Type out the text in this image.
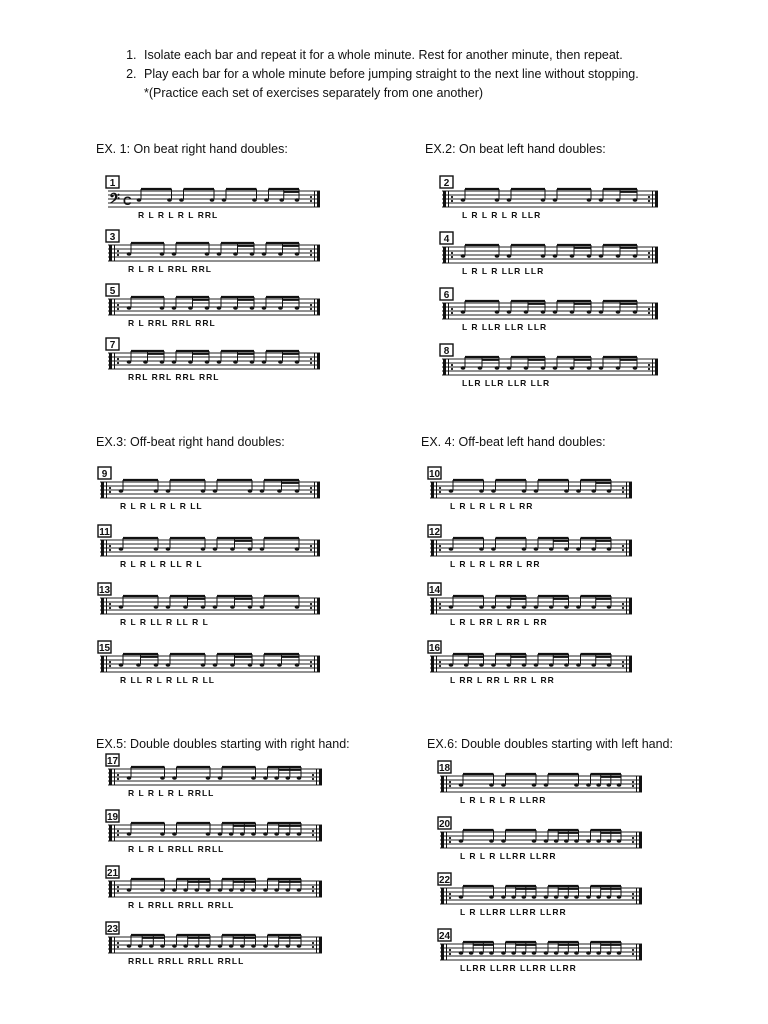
1. Isolate each bar and repeat it for a whole minute. Rest for another minute, then repeat.
2. Play each bar for a whole minute before jumping straight to the next line without stopping.
*(Practice each set of exercises separately from one another)
EX. 1: On beat right hand doubles:	EX.2: On beat left hand doubles:
EX.3: Off-beat right hand doubles:	EX. 4: Off-beat left hand doubles:
EX.5: Double doubles starting with right hand:	EX.6: Double doubles starting with left hand:
1
𝄢 C
R L R L R L RRL
3
R L R L RRL RRL
5
R L RRL RRL RRL
7
RRL RRL RRL RRL
2
L R L R L R LLR
4
L R L R LLR LLR
6
L R LLR LLR LLR
8
LLR LLR LLR LLR
9
R L R L R L R LL
11
R L R L R LL R L
13
R L R LL R LL R L
15
R LL R L R LL R LL
10
L R L R L R L RR
12
L R L R L RR L RR
14
L R L RR L RR L RR
16
L RR L RR L RR L RR
17
R L R L R L RRLL
19
R L R L RRLL RRLL
21
R L RRLL RRLL RRLL
23
RRLL RRLL RRLL RRLL
18
L R L R L R LLRR
20
L R L R LLRR LLRR
22
L R LLRR LLRR LLRR
24
LLRR LLRR LLRR LLRR
